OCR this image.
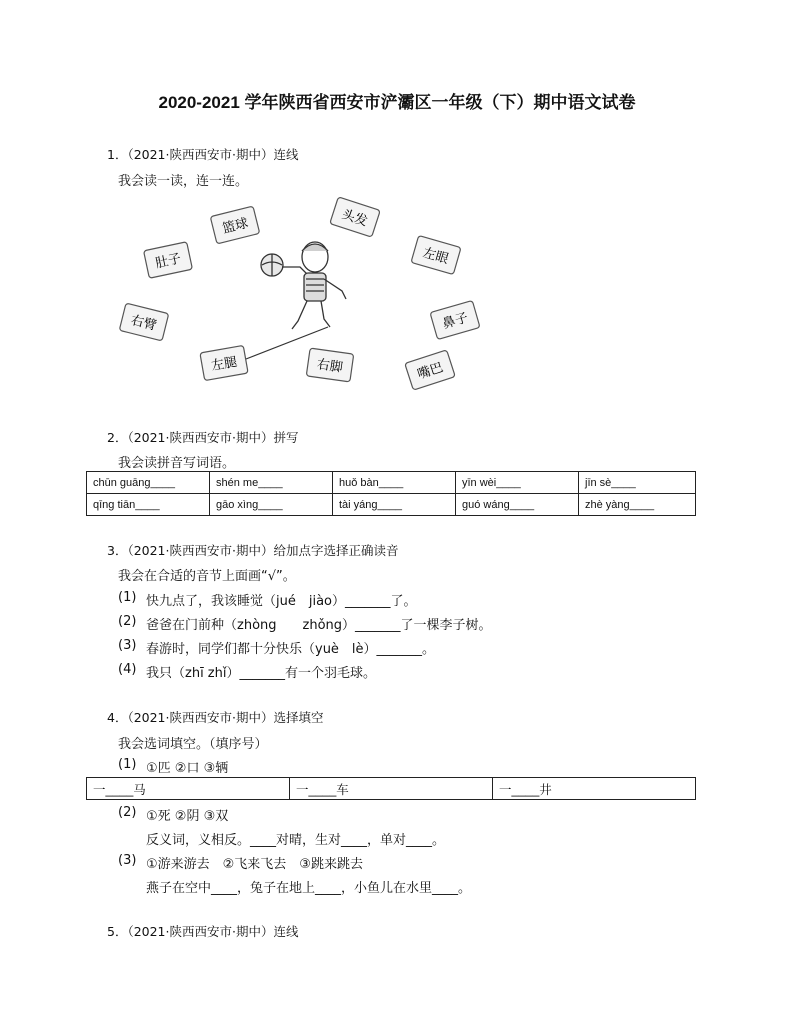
2020-2021 学年陕西省西安市浐灞区一年级（下）期中语文试卷
1．（2021·陕西西安市·期中）连线
我会读一读，连一连。
篮球	头发
肚子	左眼
右臂	鼻子
左腿	右脚	嘴巴
2．（2021·陕西西安市·期中）拼写
我会读拼音写词语。
chūn guāng____	shén me____	huǒ bàn____	yīn wèi____	jīn sè____
qīng tiān____	gāo xìng____	tài yáng____	guó wáng____	zhè yàng____
3．（2021·陕西西安市·期中）给加点字选择正确读音
我会在合适的音节上面画“√”。
(1) 快九点了，我该睡觉（jué　jiào）_______了。
(2) 爸爸在门前种（zhòng　　zhǒng）_______了一棵李子树。
(3) 春游时，同学们都十分快乐（yuè　lè）_______。
(4) 我只（zhī zhǐ）_______有一个羽毛球。
4．（2021·陕西西安市·期中）选择填空
我会选词填空。（填序号）
(1) ①匹 ②口 ③辆
一____马	一____车	一____井
(2) ①死 ②阴 ③双
反义词，义相反。____对晴，生对____，单对____。
(3) ①游来游去　②飞来飞去　③跳来跳去
燕子在空中____，兔子在地上____，小鱼儿在水里____。
5．（2021·陕西西安市·期中）连线
